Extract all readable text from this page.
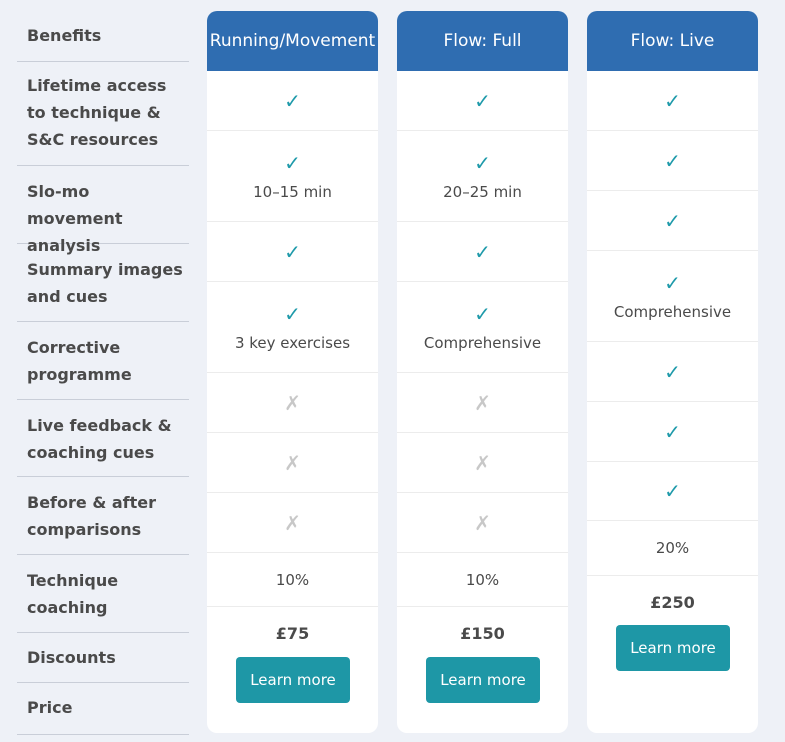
Benefits
Lifetime access to technique & S&C resources
Slo-mo movement analysis
Summary images and cues
Corrective programme
Live feedback & coaching cues
Before & after comparisons
Technique coaching
Discounts
Price
Running/Movement
✓
✓
10–15 min
✓
✓
3 key exercises
✗
✗
✗
10%
£75
Learn more
Flow: Full
✓
✓
20–25 min
✓
✓
Comprehensive
✗
✗
✗
10%
£150
Learn more
Flow: Live
✓
✓
✓
✓
Comprehensive
✓
✓
✓
20%
£250
Learn more
